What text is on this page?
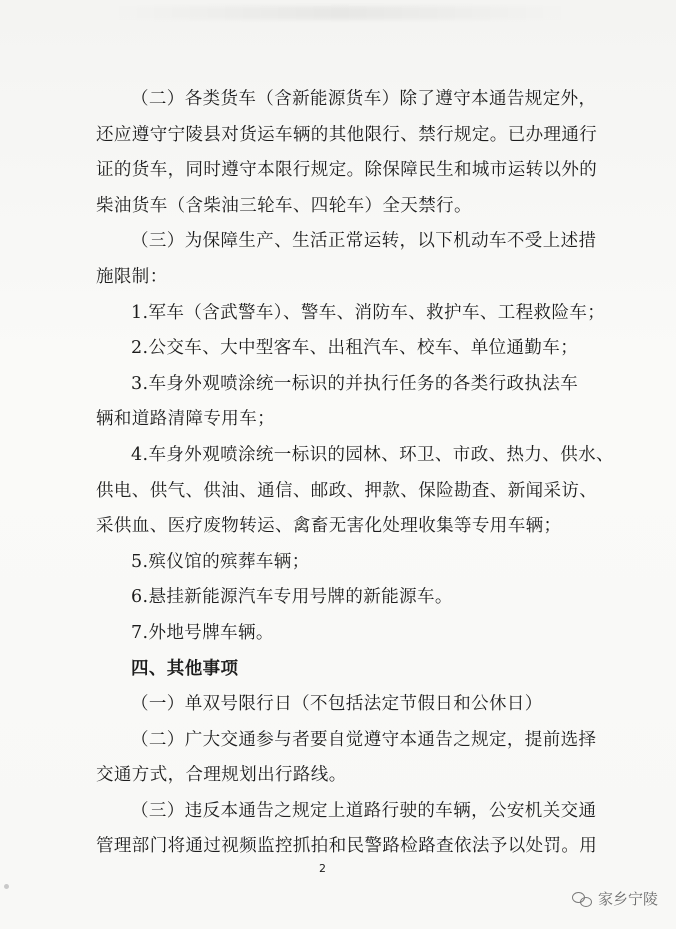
（二）各类货车（含新能源货车）除了遵守本通告规定外，
还应遵守宁陵县对货运车辆的其他限行、禁行规定。已办理通行
证的货车，同时遵守本限行规定。除保障民生和城市运转以外的
柴油货车（含柴油三轮车、四轮车）全天禁行。
（三）为保障生产、生活正常运转，以下机动车不受上述措
施限制：
1.军车（含武警车）、警车、消防车、救护车、工程救险车；
2.公交车、大中型客车、出租汽车、校车、单位通勤车；
3.车身外观喷涂统一标识的并执行任务的各类行政执法车
辆和道路清障专用车；
4.车身外观喷涂统一标识的园林、环卫、市政、热力、供水、
供电、供气、供油、通信、邮政、押款、保险勘査、新闻采访、
采供血、医疗废物转运、禽畜无害化处理收集等专用车辆；
5.殡仪馆的殡葬车辆；
6.悬挂新能源汽车专用号牌的新能源车。
7.外地号牌车辆。
四、其他事项
（一）单双号限行日（不包括法定节假日和公休日）
（二）广大交通参与者要自觉遵守本通告之规定，提前选择
交通方式，合理规划出行路线。
（三）违反本通告之规定上道路行驶的车辆，公安机关交通
管理部门将通过视频监控抓拍和民警路检路查依法予以处罚。用
2
家乡宁陵
